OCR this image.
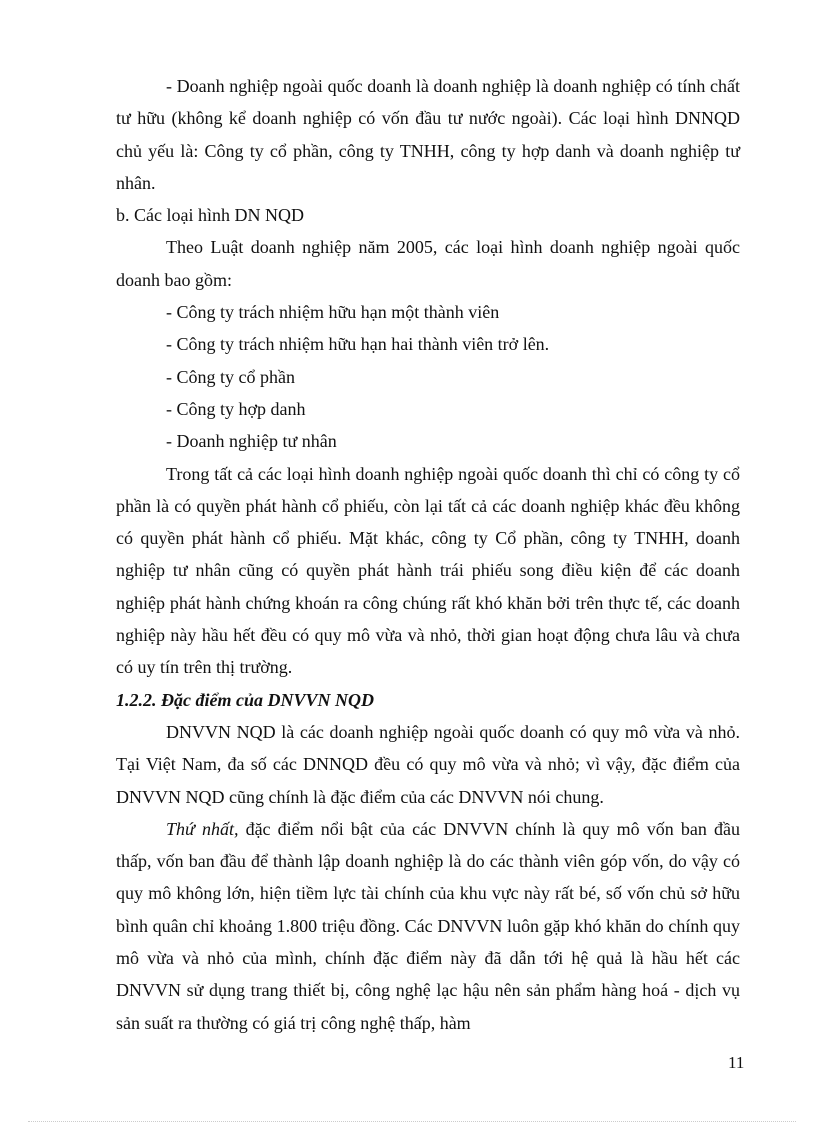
- Doanh nghiệp ngoài quốc doanh là doanh nghiệp là doanh nghiệp có tính chất tư hữu (không kể doanh nghiệp có vốn đầu tư nước ngoài). Các loại hình DNNQD chủ yếu là: Công ty cổ phần, công ty TNHH, công ty hợp danh và doanh nghiệp tư nhân.

b. Các loại hình DN NQD

Theo Luật doanh nghiệp năm 2005, các loại hình doanh nghiệp ngoài quốc doanh bao gồm:

- Công ty trách nhiệm hữu hạn một thành viên

- Công ty trách nhiệm hữu hạn hai thành viên trở lên.

- Công ty cổ phần

- Công ty hợp danh

- Doanh nghiệp tư nhân

Trong tất cả các loại hình doanh nghiệp ngoài quốc doanh thì chỉ có công ty cổ phần là có quyền phát hành cổ phiếu, còn lại tất cả các doanh nghiệp khác đều không có quyền phát hành cổ phiếu. Mặt khác, công ty Cổ phần, công ty TNHH, doanh nghiệp tư nhân cũng có quyền phát hành trái phiếu song điều kiện để các doanh nghiệp phát hành chứng khoán ra công chúng rất khó khăn bởi trên thực tế, các doanh nghiệp này hầu hết đều có quy mô vừa và nhỏ, thời gian hoạt động chưa lâu và chưa có uy tín trên thị trường.

1.2.2. Đặc điểm của DNVVN NQD

DNVVN NQD là các doanh nghiệp ngoài quốc doanh có quy mô vừa và nhỏ. Tại Việt Nam, đa số các DNNQD đều có quy mô vừa và nhỏ; vì vậy, đặc điểm của DNVVN NQD cũng chính là đặc điểm của các DNVVN nói chung.

Thứ nhất, đặc điểm nổi bật của các DNVVN chính là quy mô vốn ban đầu thấp, vốn ban đầu để thành lập doanh nghiệp là do các thành viên góp vốn, do vậy có quy mô không lớn, hiện tiềm lực tài chính của khu vực này rất bé, số vốn chủ sở hữu bình quân chỉ khoảng 1.800 triệu đồng. Các DNVVN luôn gặp khó khăn do chính quy mô vừa và nhỏ của mình, chính đặc điểm này đã dẫn tới hệ quả là hầu hết các DNVVN sử dụng trang thiết bị, công nghệ lạc hậu nên sản phẩm hàng hoá - dịch vụ sản suất ra thường có giá trị công nghệ thấp, hàm

11
